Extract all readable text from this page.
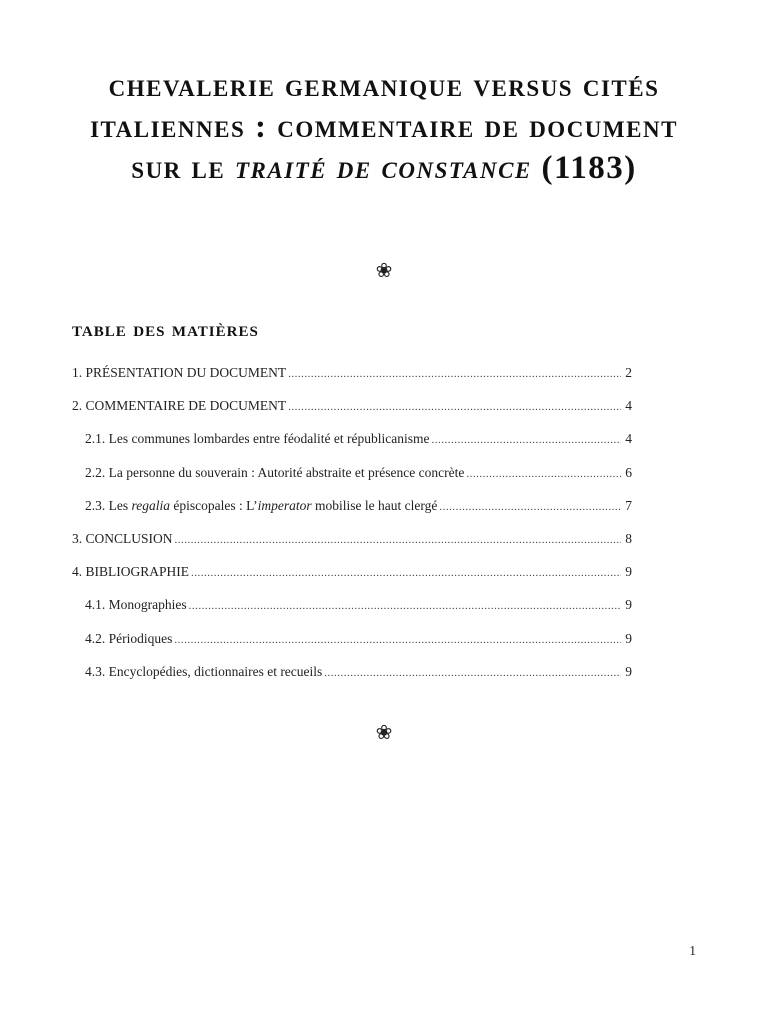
chevalerie germanique versus cités italiennes : commentaire de document sur le traité de constance (1183)
❀
table des matières
1. PRÉSENTATION DU DOCUMENT .....	2
2. COMMENTAIRE DE DOCUMENT .....	4
2.1. Les communes lombardes entre féodalité et républicanisme .....	4
2.2. La personne du souverain : Autorité abstraite et présence concrète .....	6
2.3. Les regalia épiscopales : L’imperator mobilise le haut clergé .....	7
3. CONCLUSION .....	8
4. BIBLIOGRAPHIE .....	9
4.1. Monographies .....	9
4.2. Périodiques .....	9
4.3. Encyclopédies, dictionnaires et recueils .....	9
❀
1
